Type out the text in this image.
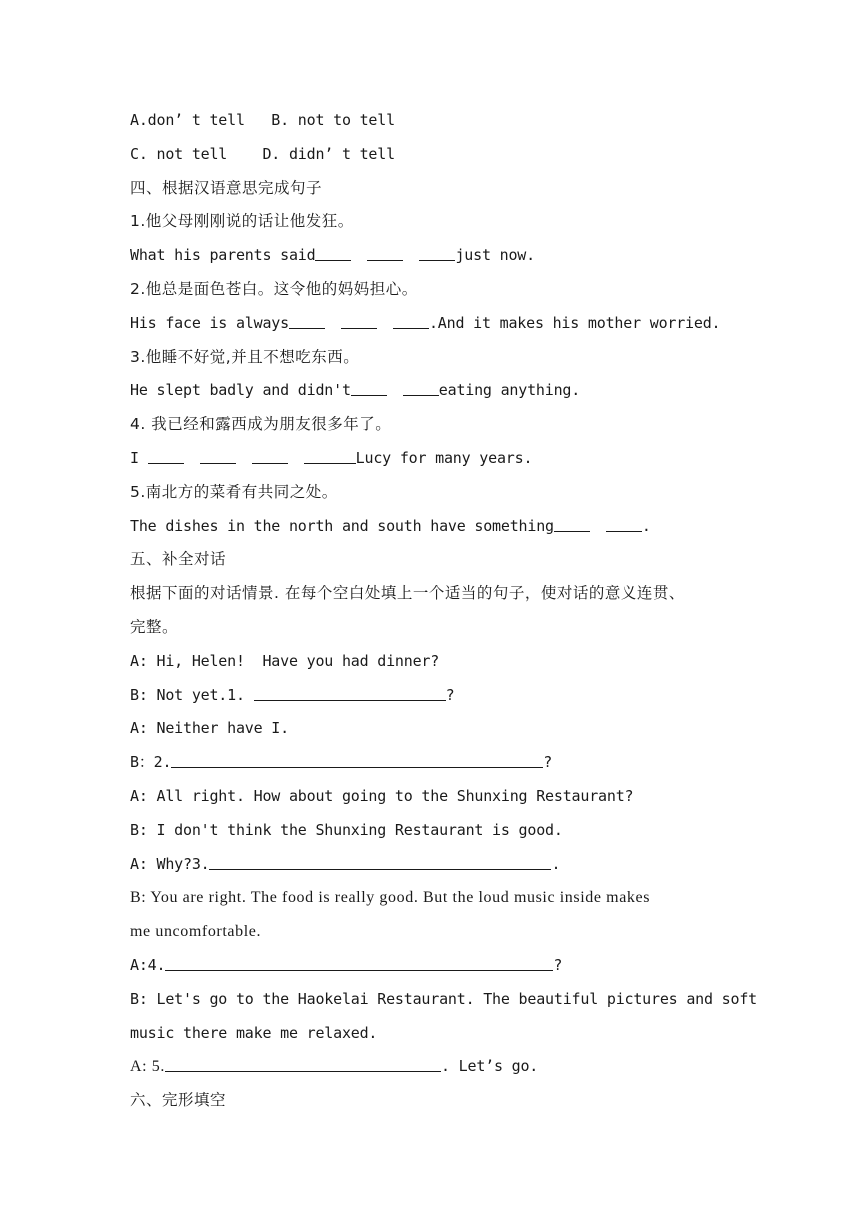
A.don’ t tell   B. not to tell
C. not tell    D. didn’ t tell
四、根据汉语意思完成句子
1.他父母刚刚说的话让他发狂。
What his parents said	just now.
2.他总是面色苍白。这令他的妈妈担心。
His face is always	.And it makes his mother worried.
3.他睡不好觉,并且不想吃东西。
He slept badly and didn't	eating anything.
4. 我已经和露西成为朋友很多年了。
I	Lucy for many years.
5.南北方的菜肴有共同之处。
The dishes in the north and south have something	.
五、补全对话
根据下面的对话情景. 在每个空白处填上一个适当的句子，使对话的意义连贯、
完整。
A: Hi, Helen!  Have you had dinner?
B: Not yet.1.	?
A: Neither have I.
B：2.	?
A: All right. How about going to the Shunxing Restaurant?
B: I don't think the Shunxing Restaurant is good.
A: Why?3.	.
B: You are right. The food is really good. But the loud music inside makes
me uncomfortable.
A:4.	?
B: Let's go to the Haokelai Restaurant. The beautiful pictures and soft
music there make me relaxed.
A: 5.	. Let’s go.
六、完形填空
